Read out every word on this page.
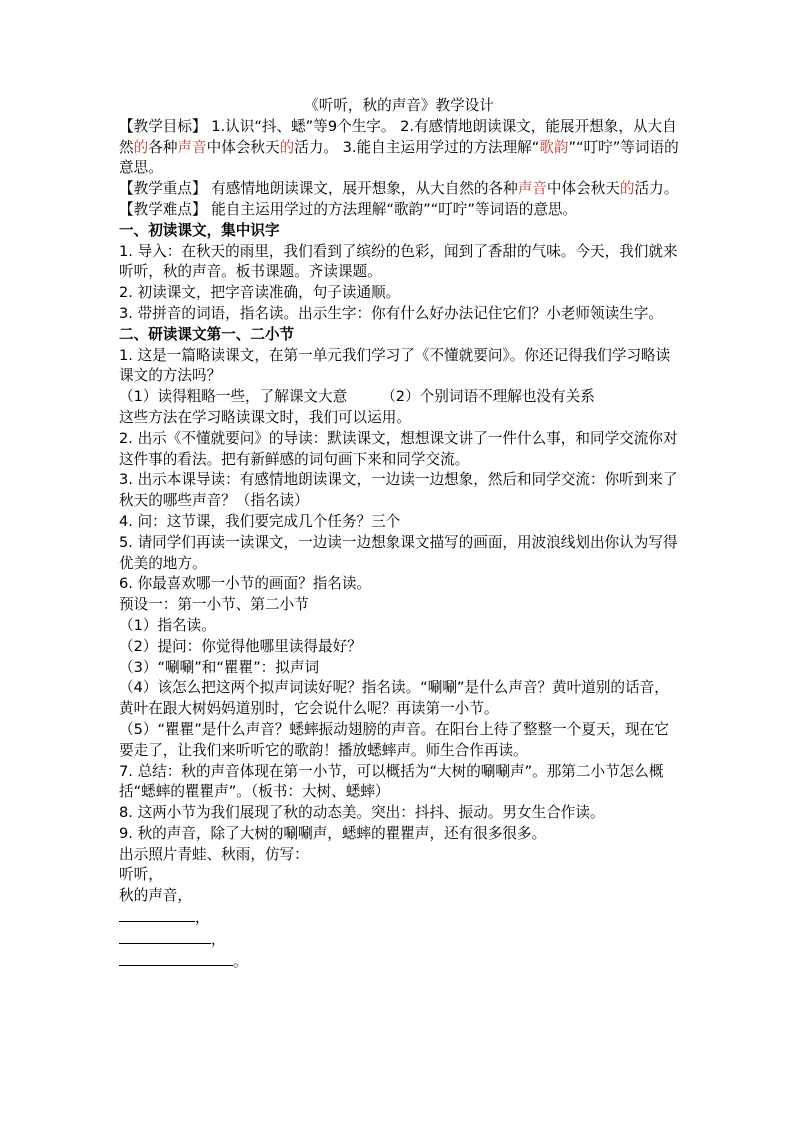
《听听，秋的声音》教学设计

【教学目标】 1.认识“抖、蟋”等9个生字。 2.有感情地朗读课文，能展开想象，从大自然的各种声音中体会秋天的活力。 3.能自主运用学过的方法理解“歌韵”“叮咛”等词语的意思。

【教学重点】 有感情地朗读课文，展开想象，从大自然的各种声音中体会秋天的活力。

【教学难点】 能自主运用学过的方法理解“歌韵”“叮咛”等词语的意思。

一、初读课文，集中识字

1. 导入：在秋天的雨里，我们看到了缤纷的色彩，闻到了香甜的气味。今天，我们就来听听，秋的声音。板书课题。齐读课题。

2. 初读课文，把字音读准确，句子读通顺。

3. 带拼音的词语，指名读。出示生字：你有什么好办法记住它们？小老师领读生字。

二、研读课文第一、二小节

1. 这是一篇略读课文，在第一单元我们学习了《不懂就要问》。你还记得我们学习略读课文的方法吗？

（1）读得粗略一些，了解课文大意 （2）个别词语不理解也没有关系

这些方法在学习略读课文时，我们可以运用。

2. 出示《不懂就要问》的导读：默读课文，想想课文讲了一件什么事，和同学交流你对这件事的看法。把有新鲜感的词句画下来和同学交流。

3. 出示本课导读：有感情地朗读课文，一边读一边想象，然后和同学交流：你听到来了秋天的哪些声音？（指名读）

4. 问：这节课，我们要完成几个任务？三个

5. 请同学们再读一读课文，一边读一边想象课文描写的画面，用波浪线划出你认为写得优美的地方。

6. 你最喜欢哪一小节的画面？指名读。

预设一：第一小节、第二小节

（1）指名读。

（2）提问：你觉得他哪里读得最好？

（3）“唰唰”和“瞿瞿”：拟声词

（4）该怎么把这两个拟声词读好呢？指名读。“唰唰”是什么声音？黄叶道别的话音，黄叶在跟大树妈妈道别时，它会说什么呢？再读第一小节。

（5）“瞿瞿”是什么声音？蟋蟀振动翅膀的声音。在阳台上待了整整一个夏天，现在它要走了，让我们来听听它的歌韵！播放蟋蟀声。师生合作再读。

7. 总结：秋的声音体现在第一小节，可以概括为“大树的唰唰声”。那第二小节怎么概括“蟋蟀的瞿瞿声”。（板书：大树、蟋蟀）

8. 这两小节为我们展现了秋的动态美。突出：抖抖、振动。男女生合作读。

9. 秋的声音，除了大树的唰唰声，蟋蟀的瞿瞿声，还有很多很多。

出示照片青蛙、秋雨，仿写：

听听，

秋的声音，

，

，

。
